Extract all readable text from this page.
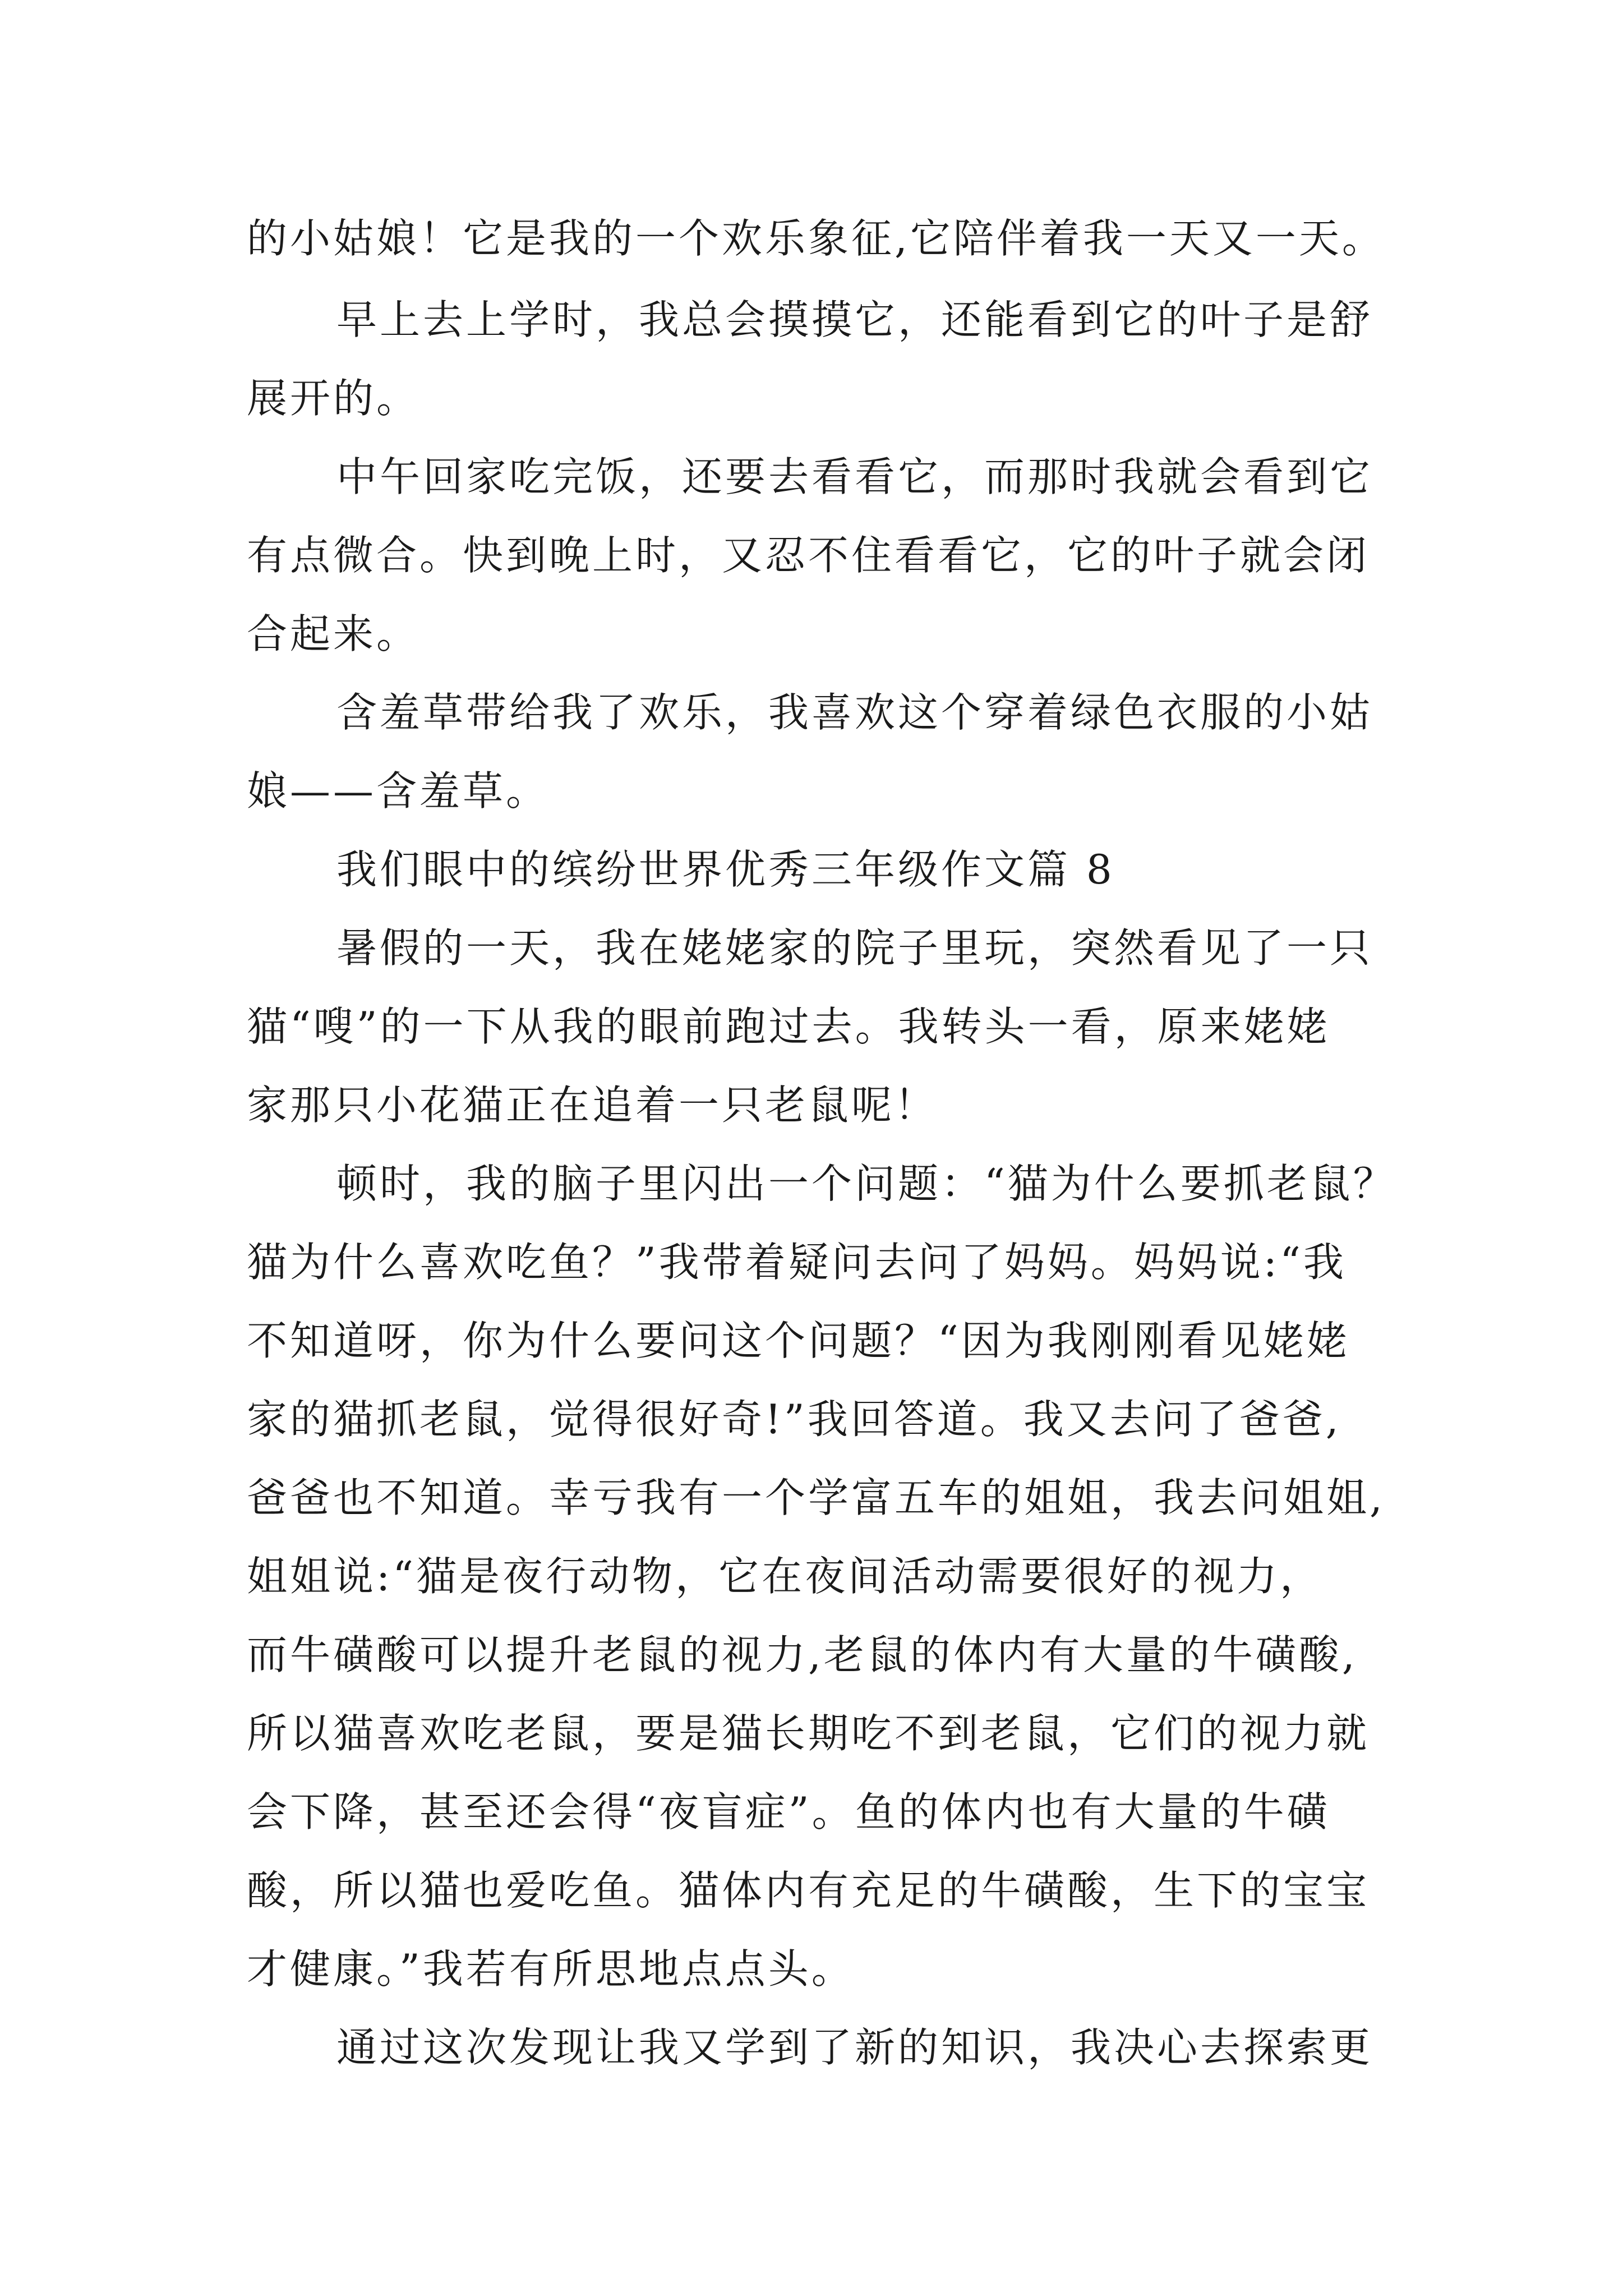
的小姑娘！它是我的一个欢乐象征,它陪伴着我一天又一天。
早上去上学时，我总会摸摸它，还能看到它的叶子是舒
展开的。
中午回家吃完饭，还要去看看它，而那时我就会看到它
有点微合。快到晚上时，又忍不住看看它，它的叶子就会闭
合起来。
含羞草带给我了欢乐，我喜欢这个穿着绿色衣服的小姑
娘——含羞草。
我们眼中的缤纷世界优秀三年级作文篇 8
暑假的一天，我在姥姥家的院子里玩，突然看见了一只
猫“嗖”的一下从我的眼前跑过去。我转头一看，原来姥姥
家那只小花猫正在追着一只老鼠呢！
顿时，我的脑子里闪出一个问题：“猫为什么要抓老鼠？
猫为什么喜欢吃鱼？”我带着疑问去问了妈妈。妈妈说:“我
不知道呀，你为什么要问这个问题？“因为我刚刚看见姥姥
家的猫抓老鼠，觉得很好奇!”我回答道。我又去问了爸爸,
爸爸也不知道。幸亏我有一个学富五车的姐姐，我去问姐姐,
姐姐说:“猫是夜行动物，它在夜间活动需要很好的视力，
而牛磺酸可以提升老鼠的视力,老鼠的体内有大量的牛磺酸,
所以猫喜欢吃老鼠，要是猫长期吃不到老鼠，它们的视力就
会下降，甚至还会得“夜盲症”。鱼的体内也有大量的牛磺
酸，所以猫也爱吃鱼。猫体内有充足的牛磺酸，生下的宝宝
才健康。”我若有所思地点点头。
通过这次发现让我又学到了新的知识，我决心去探索更
